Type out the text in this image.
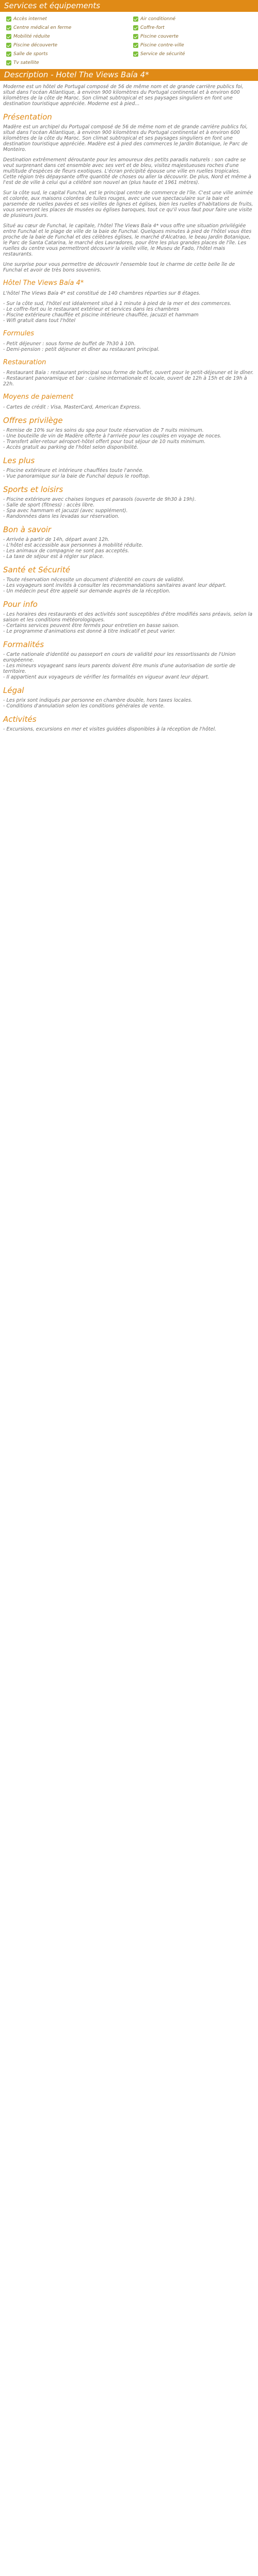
Services et équipements
Accès internet	Air conditionné
Centre médical en ferme	Coffre-fort
Mobilité réduite	Piscine couverte
Piscine découverte	Piscine contre-ville
Salle de sports	Service de sécurité
Tv satellite
Description - Hotel The Views Baía 4*

Moderne est un hôtel de Portugal composé de 56 de même nom et de grande carrière publics foi, situé dans l'océan Atlantique, à environ 900 kilomètres du Portugal continental et à environ 600 kilomètres de la côte de Maroc. Son climat subtropical et ses paysages singuliers en font une destination touristique appréciée. Moderne est à pied...

Présentation

Madère est un archipel du Portugal composé de 56 de même nom et de grande carrière publics foi, situé dans l'océan Atlantique, à environ 900 kilomètres du Portugal continental et à environ 600 kilomètres de la côte du Maroc. Son climat subtropical et ses paysages singuliers en font une destination touristique appréciée. Madère est à pied des commerces le Jardin Botanique, le Parc de Monteiro.

Destination extrêmement déroutante pour les amoureux des petits paradis naturels : son cadre se veut surprenant dans cet ensemble avec ses vert et de bleu, visitez majestueuses roches d'une multitude d'espèces de fleurs exotiques. L'écran précipité épouse une ville en ruelles tropicales. Cette région très dépaysante offre quantité de choses ou aller la découvrir. De plus, Nord et même à l'est de de ville à celui qui a célébré son nouvel an (plus haute et 1961 mètres).

Sur la côte sud, le capital Funchal, est le principal centre de commerce de l'île. C'est une ville animée et colorée, aux maisons colorées de tuiles rouges, avec une vue spectaculaire sur la baie et parsemée de ruelles pavées et ses vieilles de lignes et églises, bien les ruelles d'habitations de fruits, vous serveront les places de musées ou églises baroques, tout ce qu'il vous faut pour faire une visite de plusieurs jours.

Situé au cœur de Funchal, le capitale, l'hôtel The Views Baía 4* vous offre une situation privilégiée entre Funchal et le plage de ville de la baie de Funchal. Quelques minutes à pied de l'hôtel vous êtes proche de la baie de Funchal et des célèbres églises, le marché d'Alcatrao, le beau Jardin Botanique, le Parc de Santa Catarina, le marché des Lavradores, pour être les plus grandes places de l'île. Les ruelles du centre vous permettront découvrir la vieille ville, le Museu de Fado, l'hôtel mais restaurants.

Une surprise pour vous permettre de découvrir l'ensemble tout le charme de cette belle île de Funchal et avoir de très bons souvenirs.

Hôtel The Views Baía 4*

L'hôtel The Views Baía 4* est constitué de 140 chambres réparties sur 8 étages.

- Sur la côte sud, l'hôtel est idéalement situé à 1 minute à pied de la mer et des commerces.
- Le coffre-fort ou le restaurant extérieur et services dans les chambres
- Piscine extérieure chauffée et piscine intérieure chauffée, jacuzzi et hammam
- Wifi gratuit dans tout l'hôtel
Formules
- Petit déjeuner : sous forme de buffet de 7h30 à 10h.
- Demi-pension : petit déjeuner et dîner au restaurant principal.
Restauration
- Restaurant Baía : restaurant principal sous forme de buffet, ouvert pour le petit-déjeuner et le dîner.
- Restaurant panoramique et bar : cuisine internationale et locale, ouvert de 12h à 15h et de 19h à 22h.
Moyens de paiement
- Cartes de crédit : Visa, MasterCard, American Express.
Offres privilège
- Remise de 10% sur les soins du spa pour toute réservation de 7 nuits minimum.
- Une bouteille de vin de Madère offerte à l'arrivée pour les couples en voyage de noces.
- Transfert aller-retour aéroport-hôtel offert pour tout séjour de 10 nuits minimum.
- Accès gratuit au parking de l'hôtel selon disponibilité.
Les plus
- Piscine extérieure et intérieure chauffées toute l'année.
- Vue panoramique sur la baie de Funchal depuis le rooftop.
Sports et loisirs
- Piscine extérieure avec chaises longues et parasols (ouverte de 9h30 à 19h).
- Salle de sport (fitness) : accès libre.
- Spa avec hammam et jacuzzi (avec supplément).
- Randonnées dans les levadas sur réservation.
Bon à savoir
- Arrivée à partir de 14h, départ avant 12h.
- L'hôtel est accessible aux personnes à mobilité réduite.
- Les animaux de compagnie ne sont pas acceptés.
- La taxe de séjour est à régler sur place.
Santé et Sécurité
- Toute réservation nécessite un document d'identité en cours de validité.
- Les voyageurs sont invités à consulter les recommandations sanitaires avant leur départ.
- Un médecin peut être appelé sur demande auprès de la réception.
Pour info
- Les horaires des restaurants et des activités sont susceptibles d'être modifiés sans préavis, selon la saison et les conditions météorologiques.
- Certains services peuvent être fermés pour entretien en basse saison.
- Le programme d'animations est donné à titre indicatif et peut varier.
Formalités
- Carte nationale d'identité ou passeport en cours de validité pour les ressortissants de l'Union européenne.
- Les mineurs voyageant sans leurs parents doivent être munis d'une autorisation de sortie de territoire.
- Il appartient aux voyageurs de vérifier les formalités en vigueur avant leur départ.
Légal
- Les prix sont indiqués par personne en chambre double, hors taxes locales.
- Conditions d'annulation selon les conditions générales de vente.
Activités
- Excursions, excursions en mer et visites guidées disponibles à la réception de l'hôtel.
